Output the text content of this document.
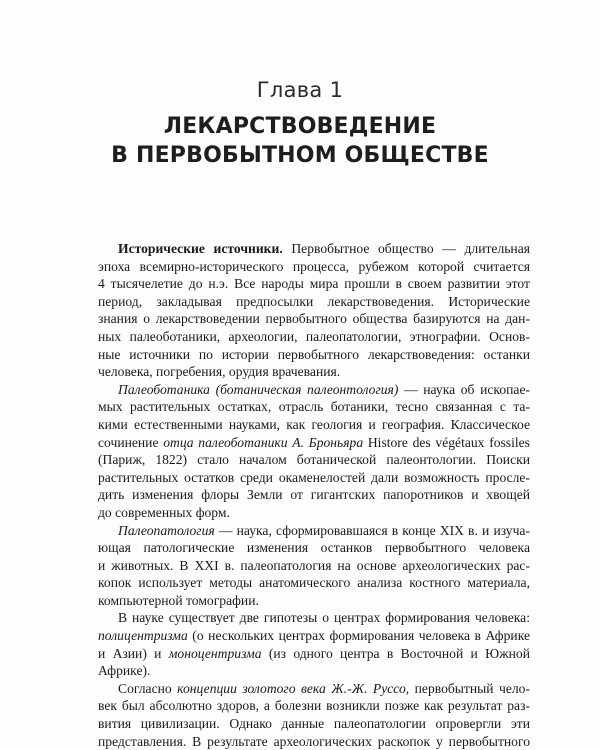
Глава 1
ЛЕКАРСТВОВЕДЕНИЕ
В ПЕРВОБЫТНОМ ОБЩЕСТВЕ
Исторические источники. Первобытное общество — длительная
эпоха всемирно-исторического процесса, рубежом которой считается
4 тысячелетие до н.э. Все народы мира прошли в своем развитии этот
период, закладывая предпосылки лекарствоведения. Исторические
знания о лекарствоведении первобытного общества базируются на дан-
ных палеоботаники, археологии, палеопатологии, этнографии. Основ-
ные источники по истории первобытного лекарствоведения: останки
человека, погребения, орудия врачевания.
Палеоботаника (ботаническая палеонтология) — наука об ископае-
мых растительных остатках, отрасль ботаники, тесно связанная с та-
кими естественными науками, как геология и география. Классическое
сочинение отца палеоботаники А. Броньяра Histore des végétaux fossiles
(Париж, 1822) стало началом ботанической палеонтологии. Поиски
растительных остатков среди окаменелостей дали возможность просле-
дить изменения флоры Земли от гигантских папоротников и хвощей
до современных форм.
Палеопатология — наука, сформировавшаяся в конце XIX в. и изуча-
ющая патологические изменения останков первобытного человека
и животных. В XXI в. палеопатология на основе археологических рас-
копок использует методы анатомического анализа костного материала,
компьютерной томографии.
В науке существует две гипотезы о центрах формирования человека:
полицентризма (о нескольких центрах формирования человека в Африке
и Азии) и моноцентризма (из одного центра в Восточной и Южной
Африке).
Согласно концепции золотого века Ж.-Ж. Руссо, первобытный чело-
век был абсолютно здоров, а болезни возникли позже как результат раз-
вития цивилизации. Однако данные палеопатологии опровергли эти
представления. В результате археологических раскопок у первобытного
